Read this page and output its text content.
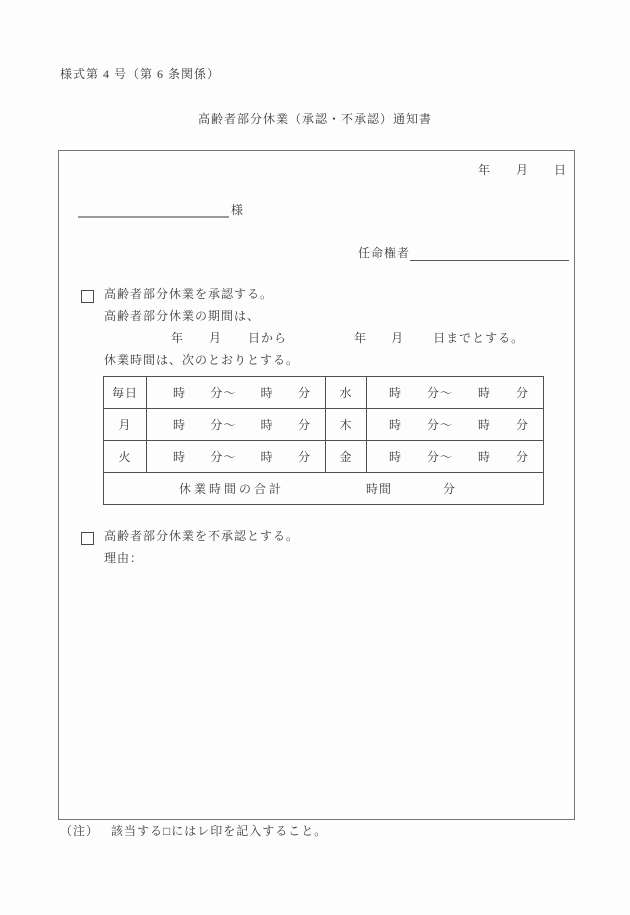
様式第 4 号（第 6 条関係）
高齢者部分休業（承認・不承認）通知書
年 月 日
様
任命権者
高齢者部分休業を承認する。
高齢者部分休業の期間は、
年 月 日から	年 月 日までとする。
休業時間は、次のとおりとする。
毎日	時 分～ 時 分	水	時 分～ 時 分

月	時 分～ 時 分	木	時 分～ 時 分

火	時 分～ 時 分	金	時 分～ 時 分

休業時間の合計 時間 分			
高齢者部分休業を不承認とする。
理由：
（注） 該当する□にはレ印を記入すること。
